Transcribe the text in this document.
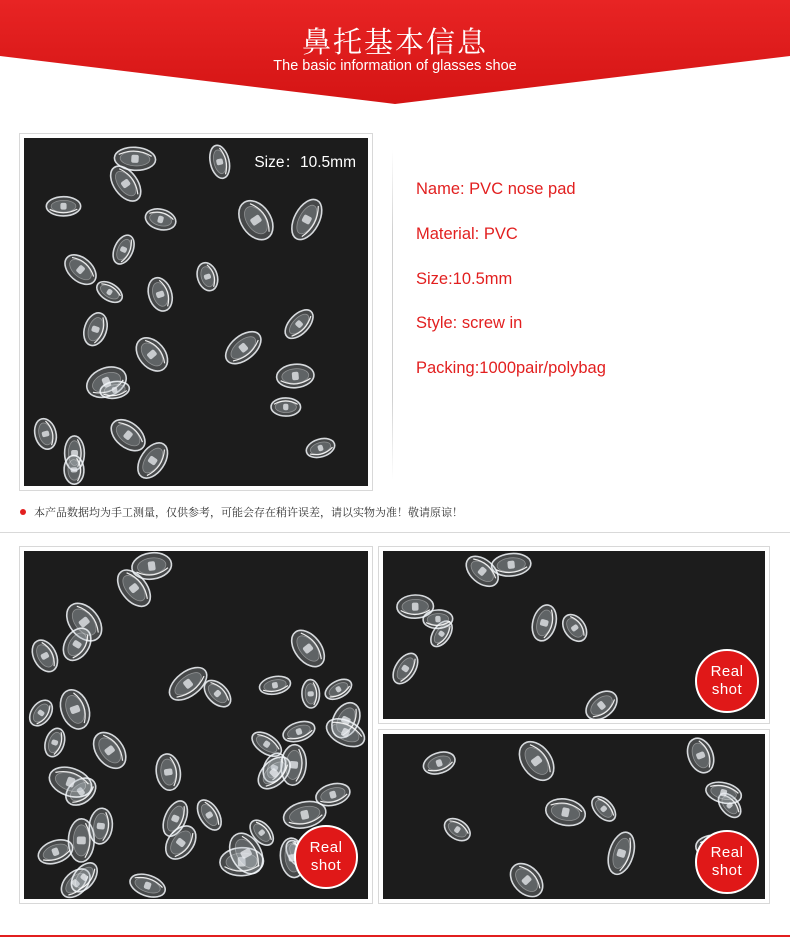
鼻托基本信息
The basic information of glasses shoe
Size：10.5mm
Name: PVC nose pad
Material: PVC
Size:10.5mm
Style: screw in
Packing:1000pair/polybag
本产品数据均为手工测量，仅供参考，可能会存在稍许误差，请以实物为准！敬请原谅！
Real
shot
Real
shot
Real
shot
